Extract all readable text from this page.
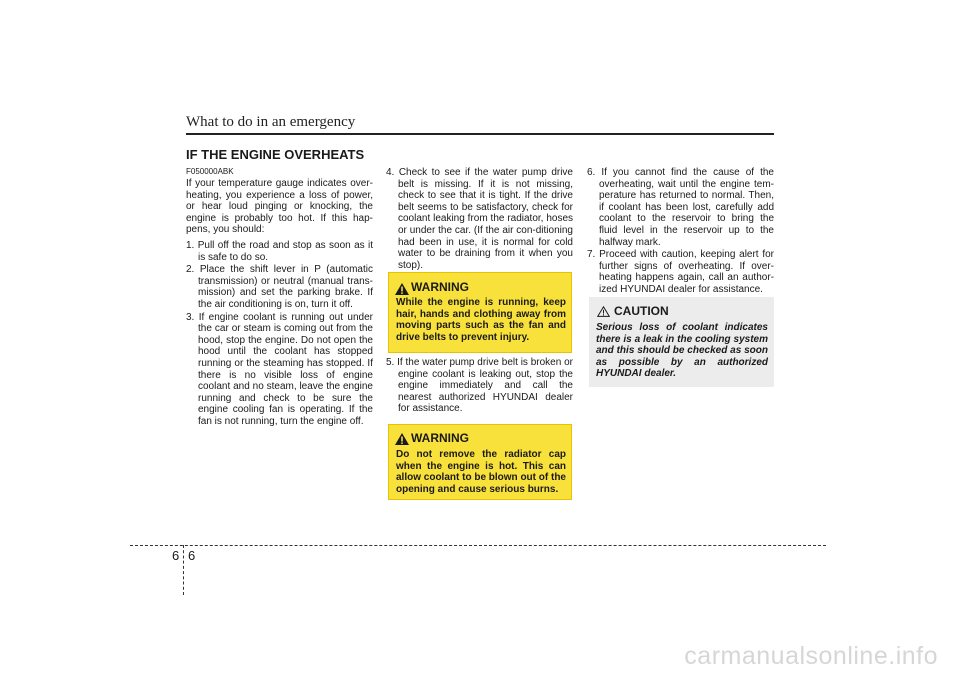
What to do in an emergency
IF THE ENGINE OVERHEATS
F050000ABK

If your temperature gauge indicates over-heating, you experience a loss of power, or hear loud pinging or knocking, the engine is probably too hot. If this hap-pens, you should:

1. Pull off the road and stop as soon as it is safe to do so.

2. Place the shift lever in P (automatic transmission) or neutral (manual trans-mission) and set the parking brake. If the air conditioning is on, turn it off.

3. If engine coolant is running out under the car or steam is coming out from the hood, stop the engine. Do not open the hood until the coolant has stopped running or the steaming has stopped. If there is no visible loss of engine coolant and no steam, leave the engine running and check to be sure the engine cooling fan is operating. If the fan is not running, turn the engine off.

4. Check to see if the water pump drive belt is missing. If it is not missing, check to see that it is tight. If the drive belt seems to be satisfactory, check for coolant leaking from the radiator, hoses or under the car. (If the air con-ditioning had been in use, it is normal for cold water to be draining from it when you stop).

WARNING
While the engine is running, keep hair, hands and clothing away from moving parts such as the fan and drive belts to prevent injury.

5. If the water pump drive belt is broken or engine coolant is leaking out, stop the engine immediately and call the nearest authorized HYUNDAI dealer for assistance.

WARNING
Do not remove the radiator cap when the engine is hot. This can allow coolant to be blown out of the opening and cause serious burns.

6. If you cannot find the cause of the overheating, wait until the engine tem-perature has returned to normal. Then, if coolant has been lost, carefully add coolant to the reservoir to bring the fluid level in the reservoir up to the halfway mark.

7. Proceed with caution, keeping alert for further signs of overheating. If over-heating happens again, call an author-ized HYUNDAI dealer for assistance.

CAUTION
Serious loss of coolant indicates there is a leak in the cooling system and this should be checked as soon as possible by an authorized HYUNDAI dealer.
6 6
carmanualsonline.info
